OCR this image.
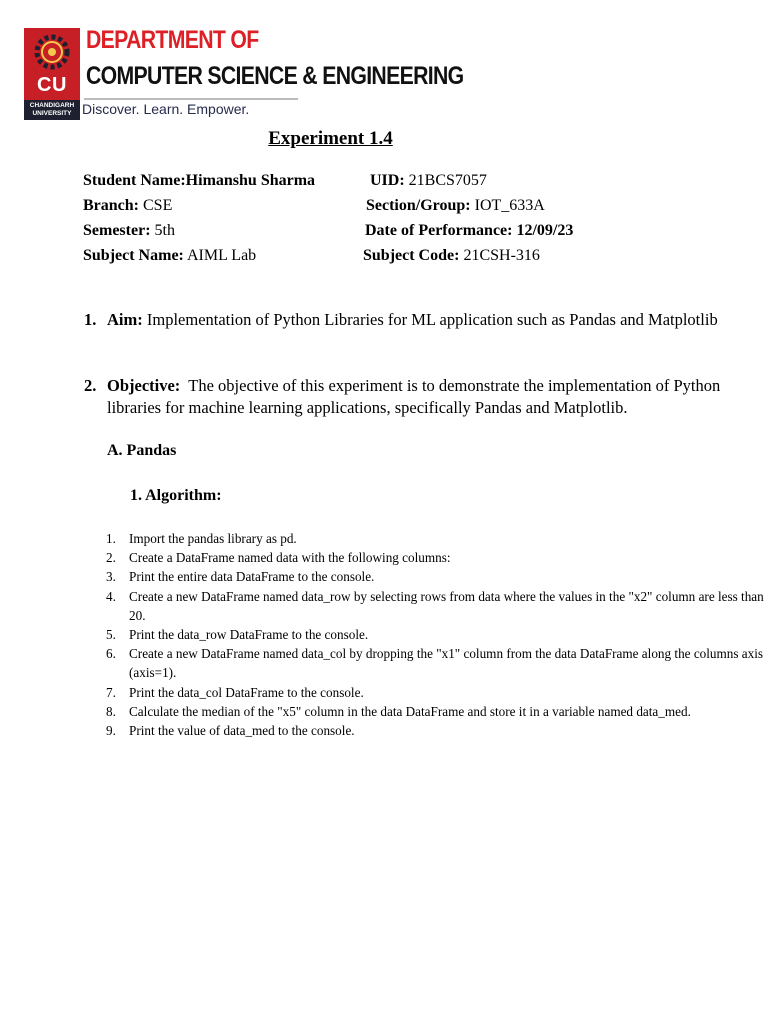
CU
CHANDIGARH
UNIVERSITY
DEPARTMENT OF
COMPUTER SCIENCE & ENGINEERING
Discover. Learn. Empower.
Experiment 1.4
Student Name:Himanshu Sharma	UID: 21BCS7057
Branch: CSE	Section/Group: IOT_633A
Semester: 5th	Date of Performance: 12/09/23
Subject Name: AIML Lab	Subject Code: 21CSH-316
1. Aim: Implementation of Python Libraries for ML application such as Pandas and Matplotlib
2. Objective: The objective of this experiment is to demonstrate the implementation of Python libraries for machine learning applications, specifically Pandas and Matplotlib.
A. Pandas
1. Algorithm:
1. Import the pandas library as pd.
2. Create a DataFrame named data with the following columns:
3. Print the entire data DataFrame to the console.
4. Create a new DataFrame named data_row by selecting rows from data where the values in the "x2" column are less than 20.
5. Print the data_row DataFrame to the console.
6. Create a new DataFrame named data_col by dropping the "x1" column from the data DataFrame along the columns axis (axis=1).
7. Print the data_col DataFrame to the console.
8. Calculate the median of the "x5" column in the data DataFrame and store it in a variable named data_med.
9. Print the value of data_med to the console.
